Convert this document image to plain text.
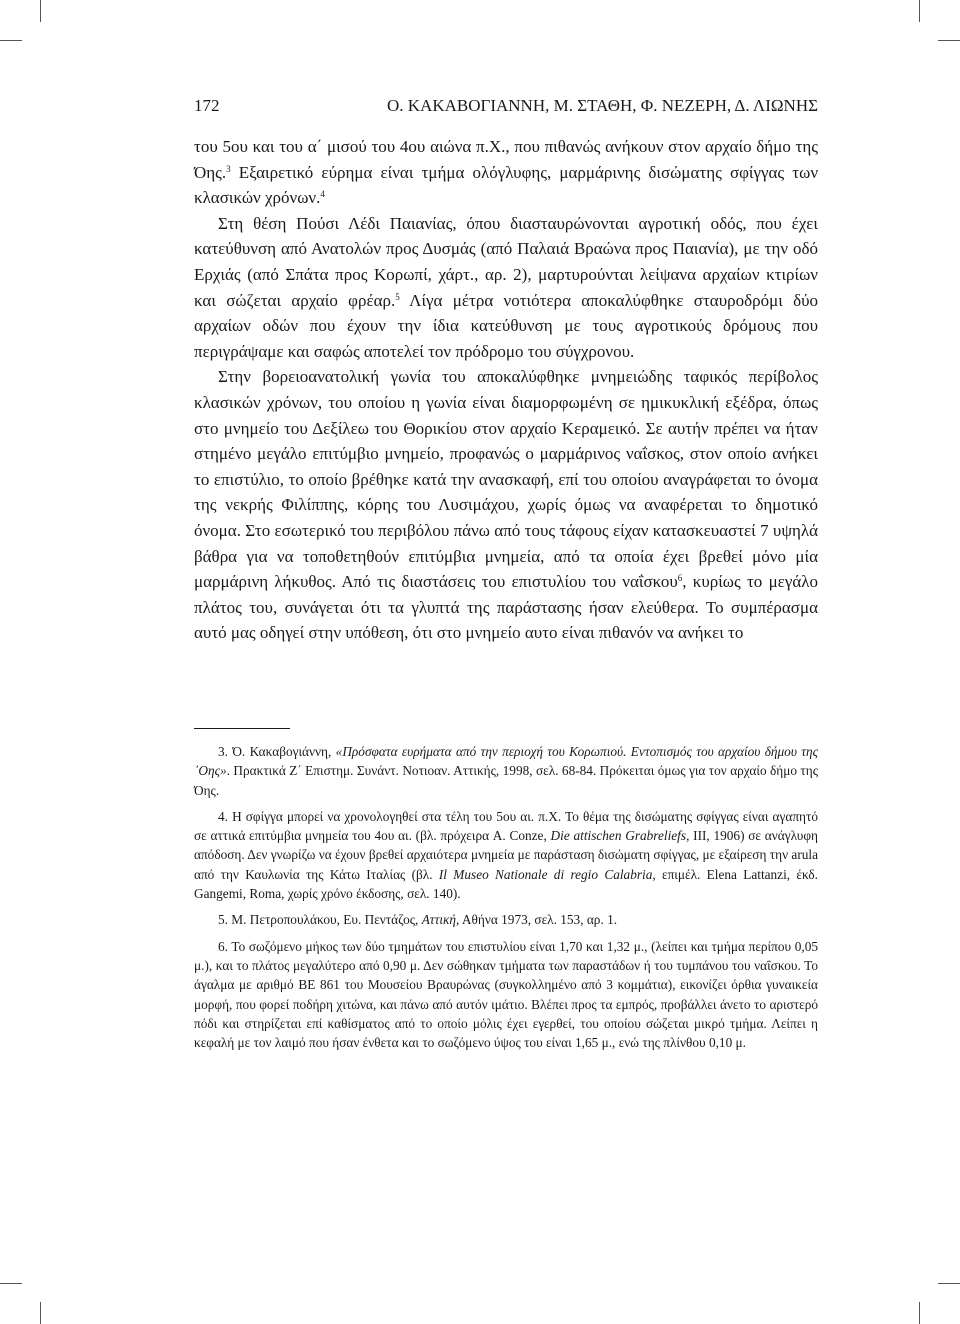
172	Ο. ΚΑΚΑΒΟΓΙΑΝΝΗ, Μ. ΣΤΑΘΗ, Φ. ΝΕΖΕΡΗ, Δ. ΛΙΩΝΗΣ

του 5ου και του α΄ μισού του 4ου αιώνα π.Χ., που πιθανώς ανήκουν στον αρχαίο δήμο της Όης.$^3$ Εξαιρετικό εύρημα είναι τμήμα ολόγλυφης, μαρμάρινης δισώματης σφίγγας των κλασικών χρόνων.$^4$

Στη θέση Πούσι Λέδι Παιανίας, όπου διασταυρώνονται αγροτική οδός, που έχει κατεύθυνση από Ανατολών προς Δυσμάς (από Παλαιά Βραώνα προς Παιανία), με την οδό Ερχιάς (από Σπάτα προς Κορωπί, χάρτ., αρ. 2), μαρτυρούνται λείψανα αρχαίων κτιρίων και σώζεται αρχαίο φρέαρ.$^5$ Λίγα μέτρα νοτιότερα αποκαλύφθηκε σταυροδρόμι δύο αρχαίων οδών που έχουν την ίδια κατεύθυνση με τους αγροτικούς δρόμους που περιγράψαμε και σαφώς αποτελεί τον πρόδρομο του σύγχρονου.

Στην βορειοανατολική γωνία του αποκαλύφθηκε μνημειώδης ταφικός περίβολος κλασικών χρόνων, του οποίου η γωνία είναι διαμορφωμένη σε ημικυκλική εξέδρα, όπως στο μνημείο του Δεξίλεω του Θορικίου στον αρχαίο Κεραμεικό. Σε αυτήν πρέπει να ήταν στημένο μεγάλο επιτύμβιο μνημείο, προφανώς ο μαρμάρινος ναΐσκος, στον οποίο ανήκει το επιστύλιο, το οποίο βρέθηκε κατά την ανασκαφή, επί του οποίου αναγράφεται το όνομα της νεκρής Φιλίππης, κόρης του Λυσιμάχου, χωρίς όμως να αναφέρεται το δημοτικό όνομα. Στο εσωτερικό του περιβόλου πάνω από τους τάφους είχαν κατασκευαστεί 7 υψηλά βάθρα για να τοποθετηθούν επιτύμβια μνημεία, από τα οποία έχει βρεθεί μόνο μία μαρμάρινη λήκυθος. Από τις διαστάσεις του επιστυλίου του ναΐσκου$^6$, κυρίως το μεγάλο πλάτος του, συνάγεται ότι τα γλυπτά της παράστασης ήσαν ελεύθερα. Το συμπέρασμα αυτό μας οδηγεί στην υπόθεση, ότι στο μνημείο αυτο είναι πιθανόν να ανήκει το

3. Ό. Κακαβογιάννη, «Πρόσφατα ευρήματα από την περιοχή του Κορωπιού. Εντοπισμός του αρχαίου δήμου της ᾽Οης». Πρακτικά Ζ΄ Επιστημ. Συνάντ. Νοτιοαν. Αττικής, 1998, σελ. 68-84. Πρόκειται όμως για τον αρχαίο δήμο της Όης.

4. Η σφίγγα μπορεί να χρονολογηθεί στα τέλη του 5ου αι. π.Χ. Το θέμα της δισώματης σφίγγας είναι αγαπητό σε αττικά επιτύμβια μνημεία του 4ου αι. (βλ. πρόχειρα A. Conze, Die attischen Grabreliefs, III, 1906) σε ανάγλυφη απόδοση. Δεν γνωρίζω να έχουν βρεθεί αρχαιότερα μνημεία με παράσταση δισώματη σφίγγας, με εξαίρεση την arula από την Καυλωνία της Κάτω Ιταλίας (βλ. Il Museo Nationale di regio Calabria, επιμέλ. Elena Lattanzi, έκδ. Gangemi, Roma, χωρίς χρόνο έκδοσης, σελ. 140).

5. Μ. Πετροπουλάκου, Ευ. Πεντάζος, Αττική, Αθήνα 1973, σελ. 153, αρ. 1.

6. Το σωζόμενο μήκος των δύο τμημάτων του επιστυλίου είναι 1,70 και 1,32 μ., (λείπει και τμήμα περίπου 0,05 μ.), και το πλάτος μεγαλύτερο από 0,90 μ. Δεν σώθηκαν τμήματα των παραστάδων ή του τυμπάνου του ναΐσκου. Το άγαλμα με αριθμό ΒΕ 861 του Μουσείου Βραυρώνας (συγκολλημένο από 3 κομμάτια), εικονίζει όρθια γυναικεία μορφή, που φορεί ποδήρη χιτώνα, και πάνω από αυτόν ιμάτιο. Βλέπει προς τα εμπρός, προβάλλει άνετο το αριστερό πόδι και στηρίζεται επί καθίσματος από το οποίο μόλις έχει εγερθεί, του οποίου σώζεται μικρό τμήμα. Λείπει η κεφαλή με τον λαιμό που ήσαν ένθετα και το σωζόμενο ύψος του είναι 1,65 μ., ενώ της πλίνθου 0,10 μ.
